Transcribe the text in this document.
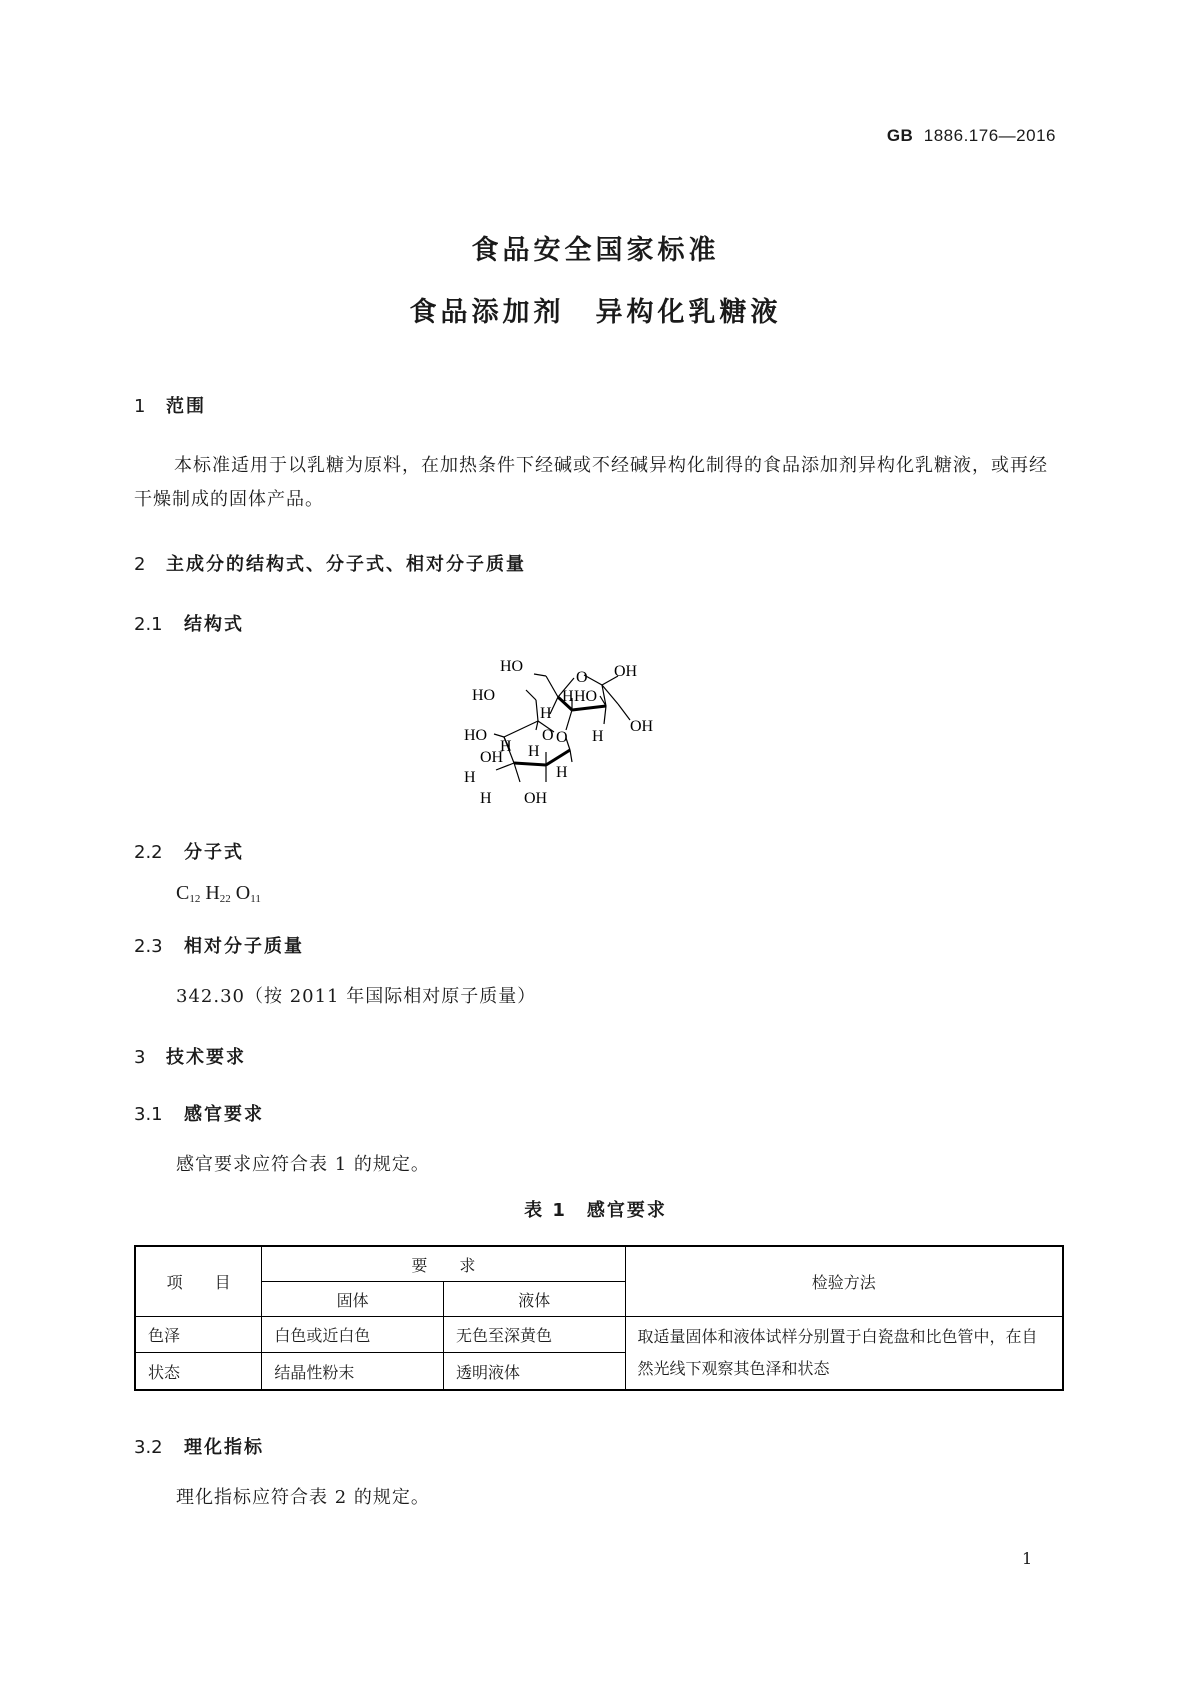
GB 1886.176—2016
食品安全国家标准
食品添加剂　异构化乳糖液
1 范围
本标准适用于以乳糖为原料，在加热条件下经碱或不经碱异构化制得的食品添加剂异构化乳糖液，或再经干燥制成的固体产品。
2 主成分的结构式、分子式、相对分子质量
2.1 结构式
HO
O OH
HO
H
H HO
H
OH
HO
H
O O
OH H
H
H
H OH
2.2 分子式
$C_{12}$ $H_{22}$ $O_{11}$
2.3 相对分子质量
342.30（按 2011 年国际相对原子质量）
3 技术要求
3.1 感官要求
感官要求应符合表 1 的规定。
表 1　感官要求
项　　目	要　　求		检验方法
	固体	液体	
色泽	白色或近白色	无色至深黄色	取适量固体和液体试样分别置于白瓷盘和比色管中，在自然光线下观察其色泽和状态
状态	结晶性粉末	透明液体	
3.2 理化指标
理化指标应符合表 2 的规定。
1
